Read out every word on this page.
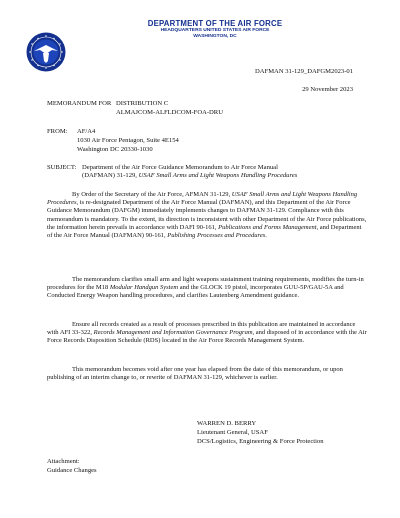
DEPARTMENT OF THE AIR FORCE
HEADQUARTERS UNITED STATES AIR FORCE
WASHINGTON, DC
DAFMAN 31-129_DAFGM2023-01
29 November 2023
MEMORANDUM FOR DISTRIBUTION C
ALMAJCOM-ALFLDCOM-FOA-DRU
FROM: AF/A4
1030 Air Force Pentagon, Suite 4E154
Washington DC 20330-1030
SUBJECT: Department of the Air Force Guidance Memorandum to Air Force Manual
(DAFMAN) 31-129, USAF Small Arms and Light Weapons Handling Procedures
By Order of the Secretary of the Air Force, AFMAN 31-129, USAF Small Arms and Light Weapons Handling Procedures, is re-designated Department of the Air Force Manual (DAFMAN), and this Department of the Air Force Guidance Memorandum (DAFGM) immediately implements changes to DAFMAN 31-129. Compliance with this memorandum is mandatory. To the extent, its direction is inconsistent with other Department of the Air Force publications, the information herein prevails in accordance with DAFI 90-161, Publications and Forms Management, and Department of the Air Force Manual (DAFMAN) 90-161, Publishing Processes and Procedures.
The memorandum clarifies small arm and light weapons sustainment training requirements, modifies the turn-in procedures for the M18 Modular Handgun System and the GLOCK 19 pistol, incorporates GUU-5P/GAU-5A and Conducted Energy Weapon handling procedures, and clarifies Lautenberg Amendment guidance.
Ensure all records created as a result of processes prescribed in this publication are maintained in accordance with AFI 33-322, Records Management and Information Governance Program, and disposed of in accordance with the Air Force Records Disposition Schedule (RDS) located in the Air Force Records Management System.
This memorandum becomes void after one year has elapsed from the date of this memorandum, or upon publishing of an interim change to, or rewrite of DAFMAN 31-129, whichever is earlier.
WARREN D. BERRY
Lieutenant General, USAF
DCS/Logistics, Engineering & Force Protection
Attachment:
Guidance Changes
